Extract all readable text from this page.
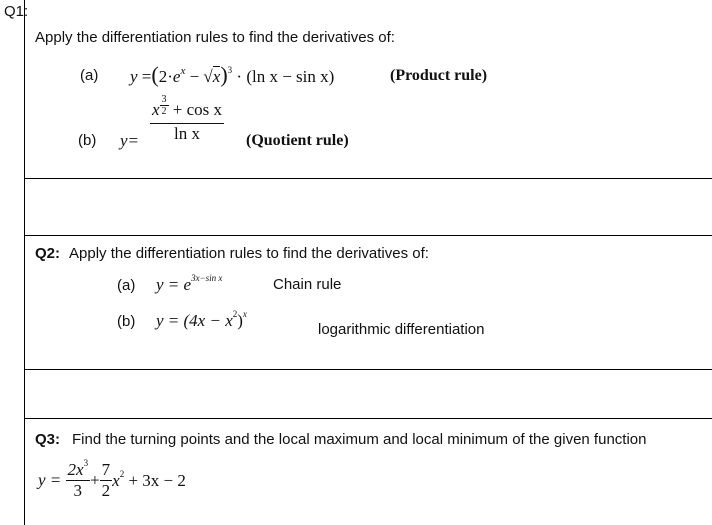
Q1:
Apply the differentiation rules to find the derivatives of:
(a) $y =(2\cdot e^x - √x)^3 \cdot (\ln$ x − sin x)	(Product rule)
(b) $y= \frac{x \frac{3}{2} + \cos x}{\text{ln x}}$ (Quotient rule)
Q2: Apply the differentiation rules to find the derivatives of:
(a) $y = e^{3x-sin x}$	Chain rule
(b) $y = (4x - x^2)^x$
logarithmic differentiation
Q3: Find the turning points and the local maximum and local minimum of the given function
$y = \frac{2x^3}{3} + \frac{7}{2} x^2 + 3x - 2$
